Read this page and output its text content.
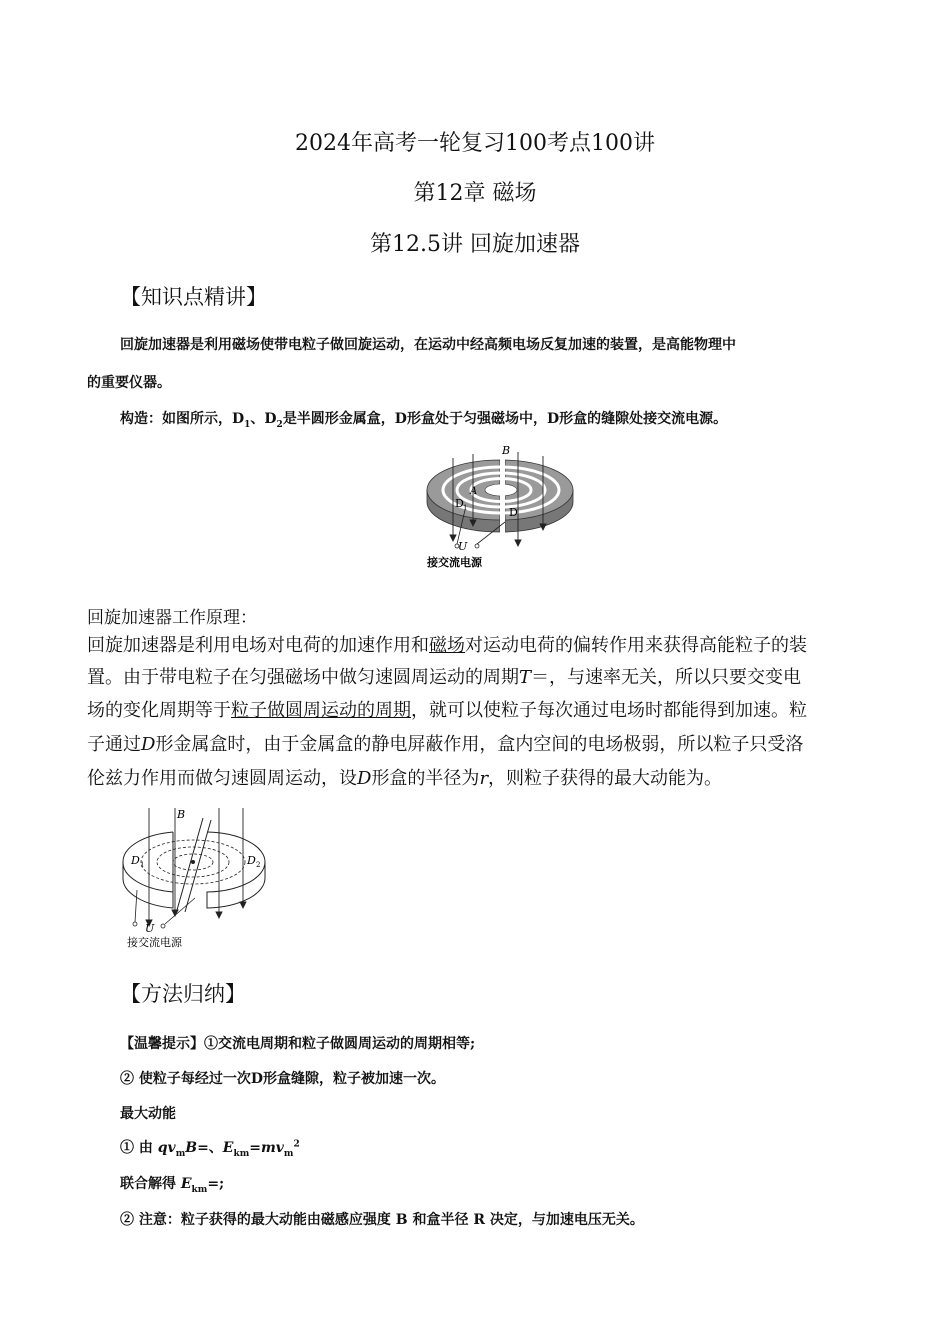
2024年高考一轮复习100考点100讲
第12章 磁场
第12.5讲 回旋加速器
【知识点精讲】
回旋加速器是利用磁场使带电粒子做回旋运动，在运动中经高频电场反复加速的装置，是高能物理中
的重要仪器。
构造：如图所示，$D_1$、$D_2$是半圆形金属盒，D形盒处于匀强磁场中，D形盒的缝隙处接交流电源。
B
A
D 1	D
U
接交流电源
回旋加速器工作原理：
回旋加速器是利用电场对电荷的加速作用和磁场对运动电荷的偏转作用来获得高能粒子的装
置。由于带电粒子在匀强磁场中做匀速圆周运动的周期T＝，与速率无关，所以只要交变电
场的变化周期等于粒子做圆周运动的周期，就可以使粒子每次通过电场时都能得到加速。粒
子通过D形金属盒时，由于金属盒的静电屏蔽作用，盒内空间的电场极弱，所以粒子只受洛
伦兹力作用而做匀速圆周运动，设D形盒的半径为r，则粒子获得的最大动能为。
B
D 1	D 2
U
接交流电源
【方法归纳】
【温馨提示】①交流电周期和粒子做圆周运动的周期相等;
② 使粒子每经过一次D形盒缝隙，粒子被加速一次。
最大动能
① 由 $qv_mB=$、$E_{km}=mv_m^2$
联合解得 $E_{km}=$;
② 注意：粒子获得的最大动能由磁感应强度 B 和盒半径 R 决定，与加速电压无关。
